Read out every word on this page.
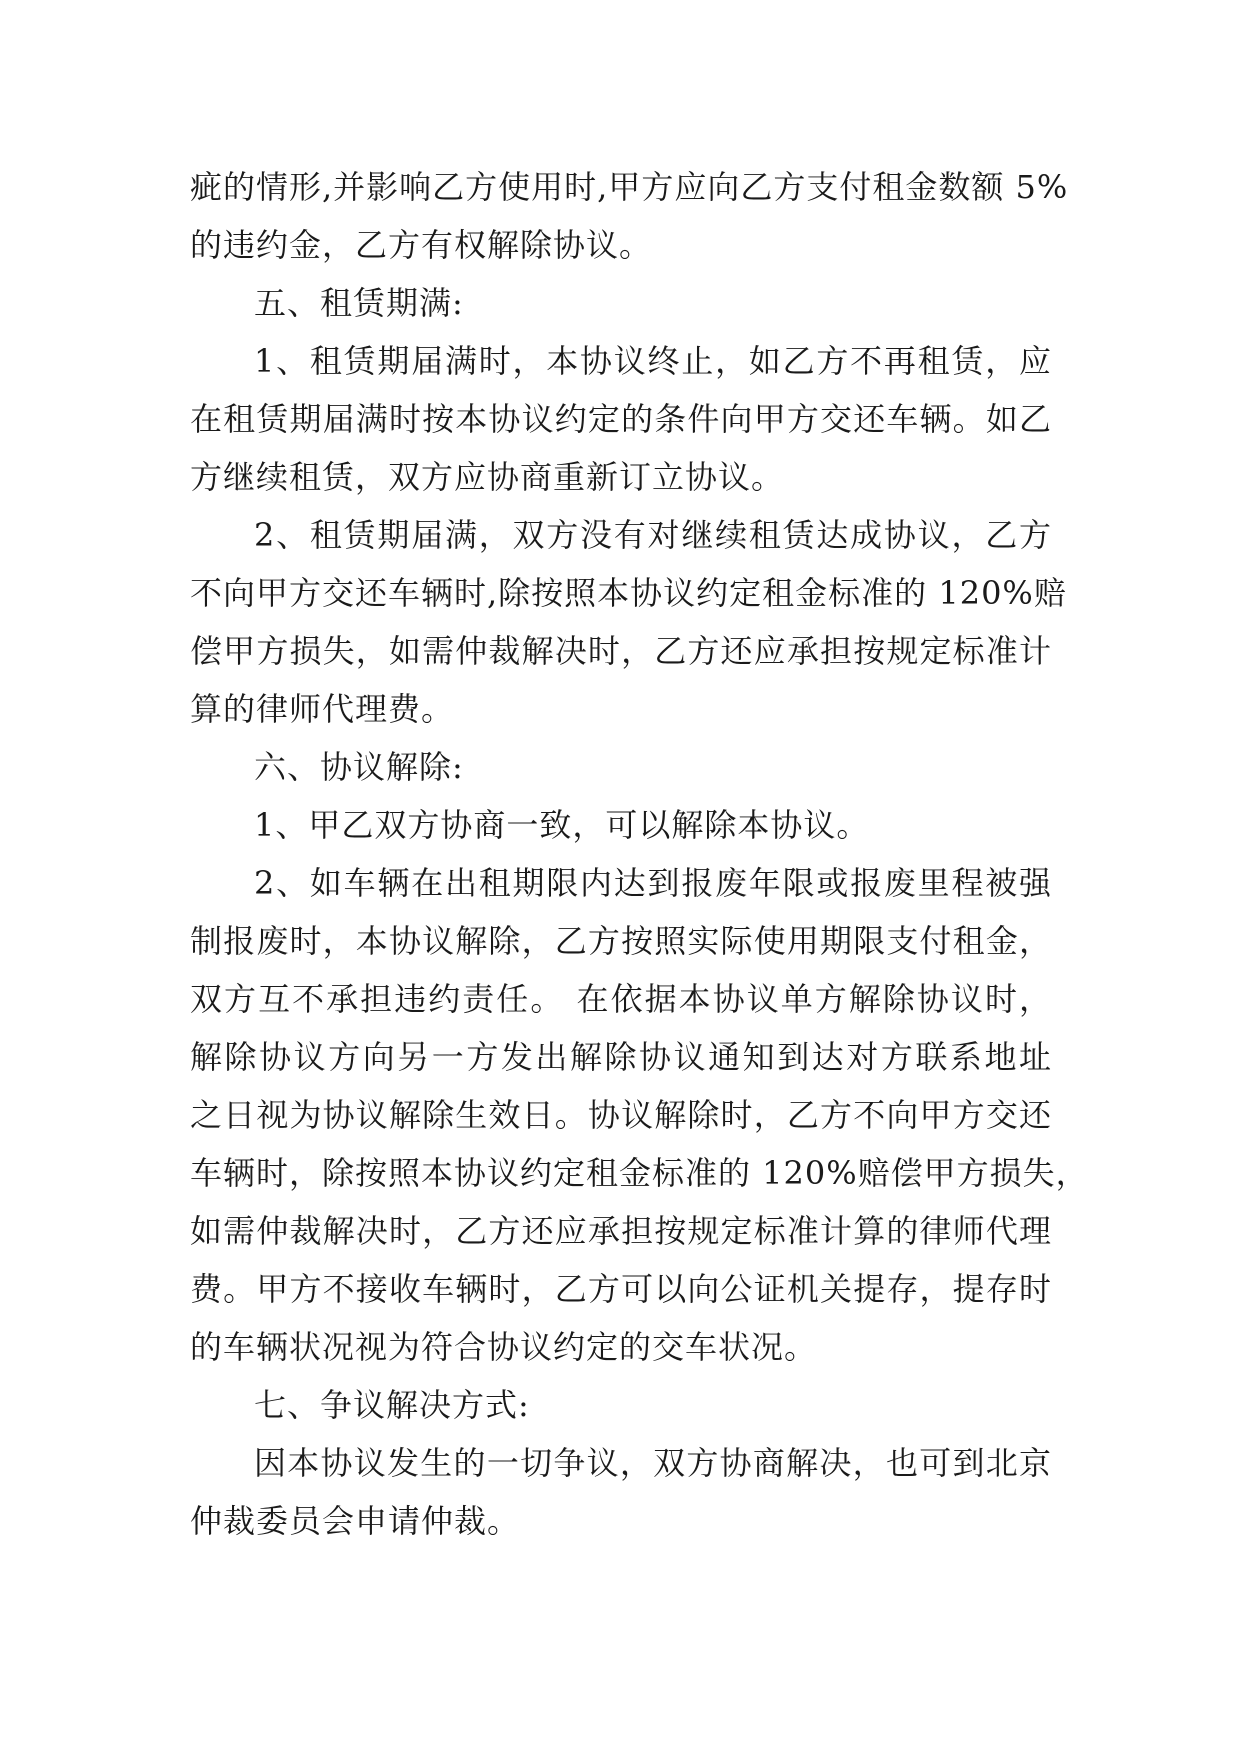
疵的情形,并影响乙方使用时,甲方应向乙方支付租金数额 5%
的违约金，乙方有权解除协议。
五、租赁期满:
1、租赁期届满时，本协议终止，如乙方不再租赁，应
在租赁期届满时按本协议约定的条件向甲方交还车辆。如乙
方继续租赁，双方应协商重新订立协议。
2、租赁期届满，双方没有对继续租赁达成协议，乙方
不向甲方交还车辆时,除按照本协议约定租金标准的 120%赔
偿甲方损失，如需仲裁解决时，乙方还应承担按规定标准计
算的律师代理费。
六、协议解除:
1、甲乙双方协商一致，可以解除本协议。
2、如车辆在出租期限内达到报废年限或报废里程被强
制报废时，本协议解除，乙方按照实际使用期限支付租金，
双方互不承担违约责任。 在依据本协议单方解除协议时，
解除协议方向另一方发出解除协议通知到达对方联系地址
之日视为协议解除生效日。协议解除时，乙方不向甲方交还
车辆时，除按照本协议约定租金标准的 120%赔偿甲方损失，
如需仲裁解决时，乙方还应承担按规定标准计算的律师代理
费。甲方不接收车辆时，乙方可以向公证机关提存，提存时
的车辆状况视为符合协议约定的交车状况。
七、争议解决方式:
因本协议发生的一切争议，双方协商解决，也可到北京
仲裁委员会申请仲裁。
